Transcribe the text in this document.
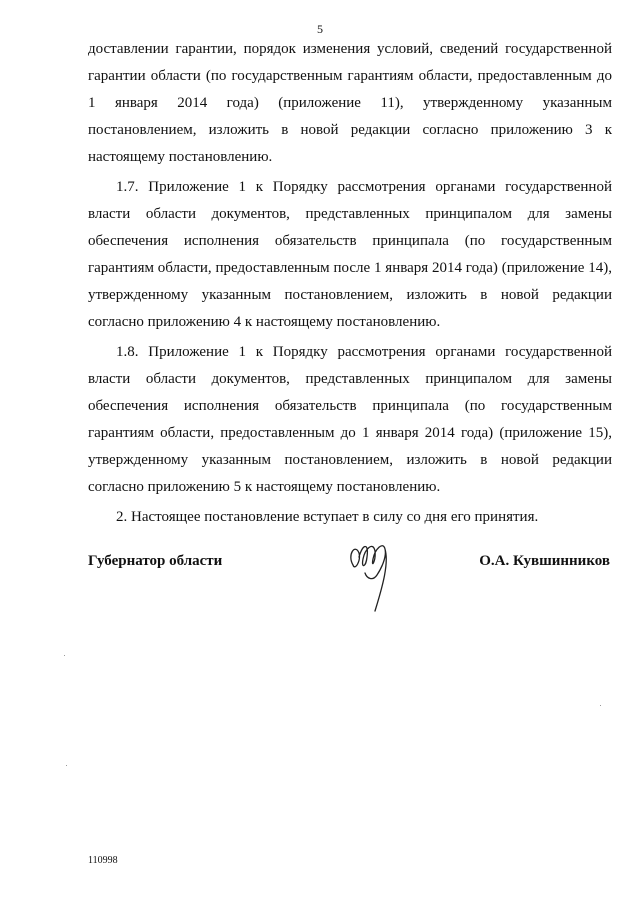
5

доставлении гарантии, порядок изменения условий, сведений государственной гарантии области (по государственным гарантиям области, предоставленным до 1 января 2014 года) (приложение 11), утвержденному указанным постановлением, изложить в новой редакции согласно приложению 3 к настоящему постановлению.

1.7. Приложение 1 к Порядку рассмотрения органами государственной власти области документов, представленных принципалом для замены обеспечения исполнения обязательств принципала (по государственным гарантиям области, предоставленным после 1 января 2014 года) (приложение 14), утвержденному указанным постановлением, изложить в новой редакции согласно приложению 4 к настоящему постановлению.

1.8. Приложение 1 к Порядку рассмотрения органами государственной власти области документов, представленных принципалом для замены обеспечения исполнения обязательств принципала (по государственным гарантиям области, предоставленным до 1 января 2014 года) (приложение 15), утвержденному указанным постановлением, изложить в новой редакции согласно приложению 5 к настоящему постановлению.

2. Настоящее постановление вступает в силу со дня его принятия.

Губернатор области	О.А. Кувшинников
110998
